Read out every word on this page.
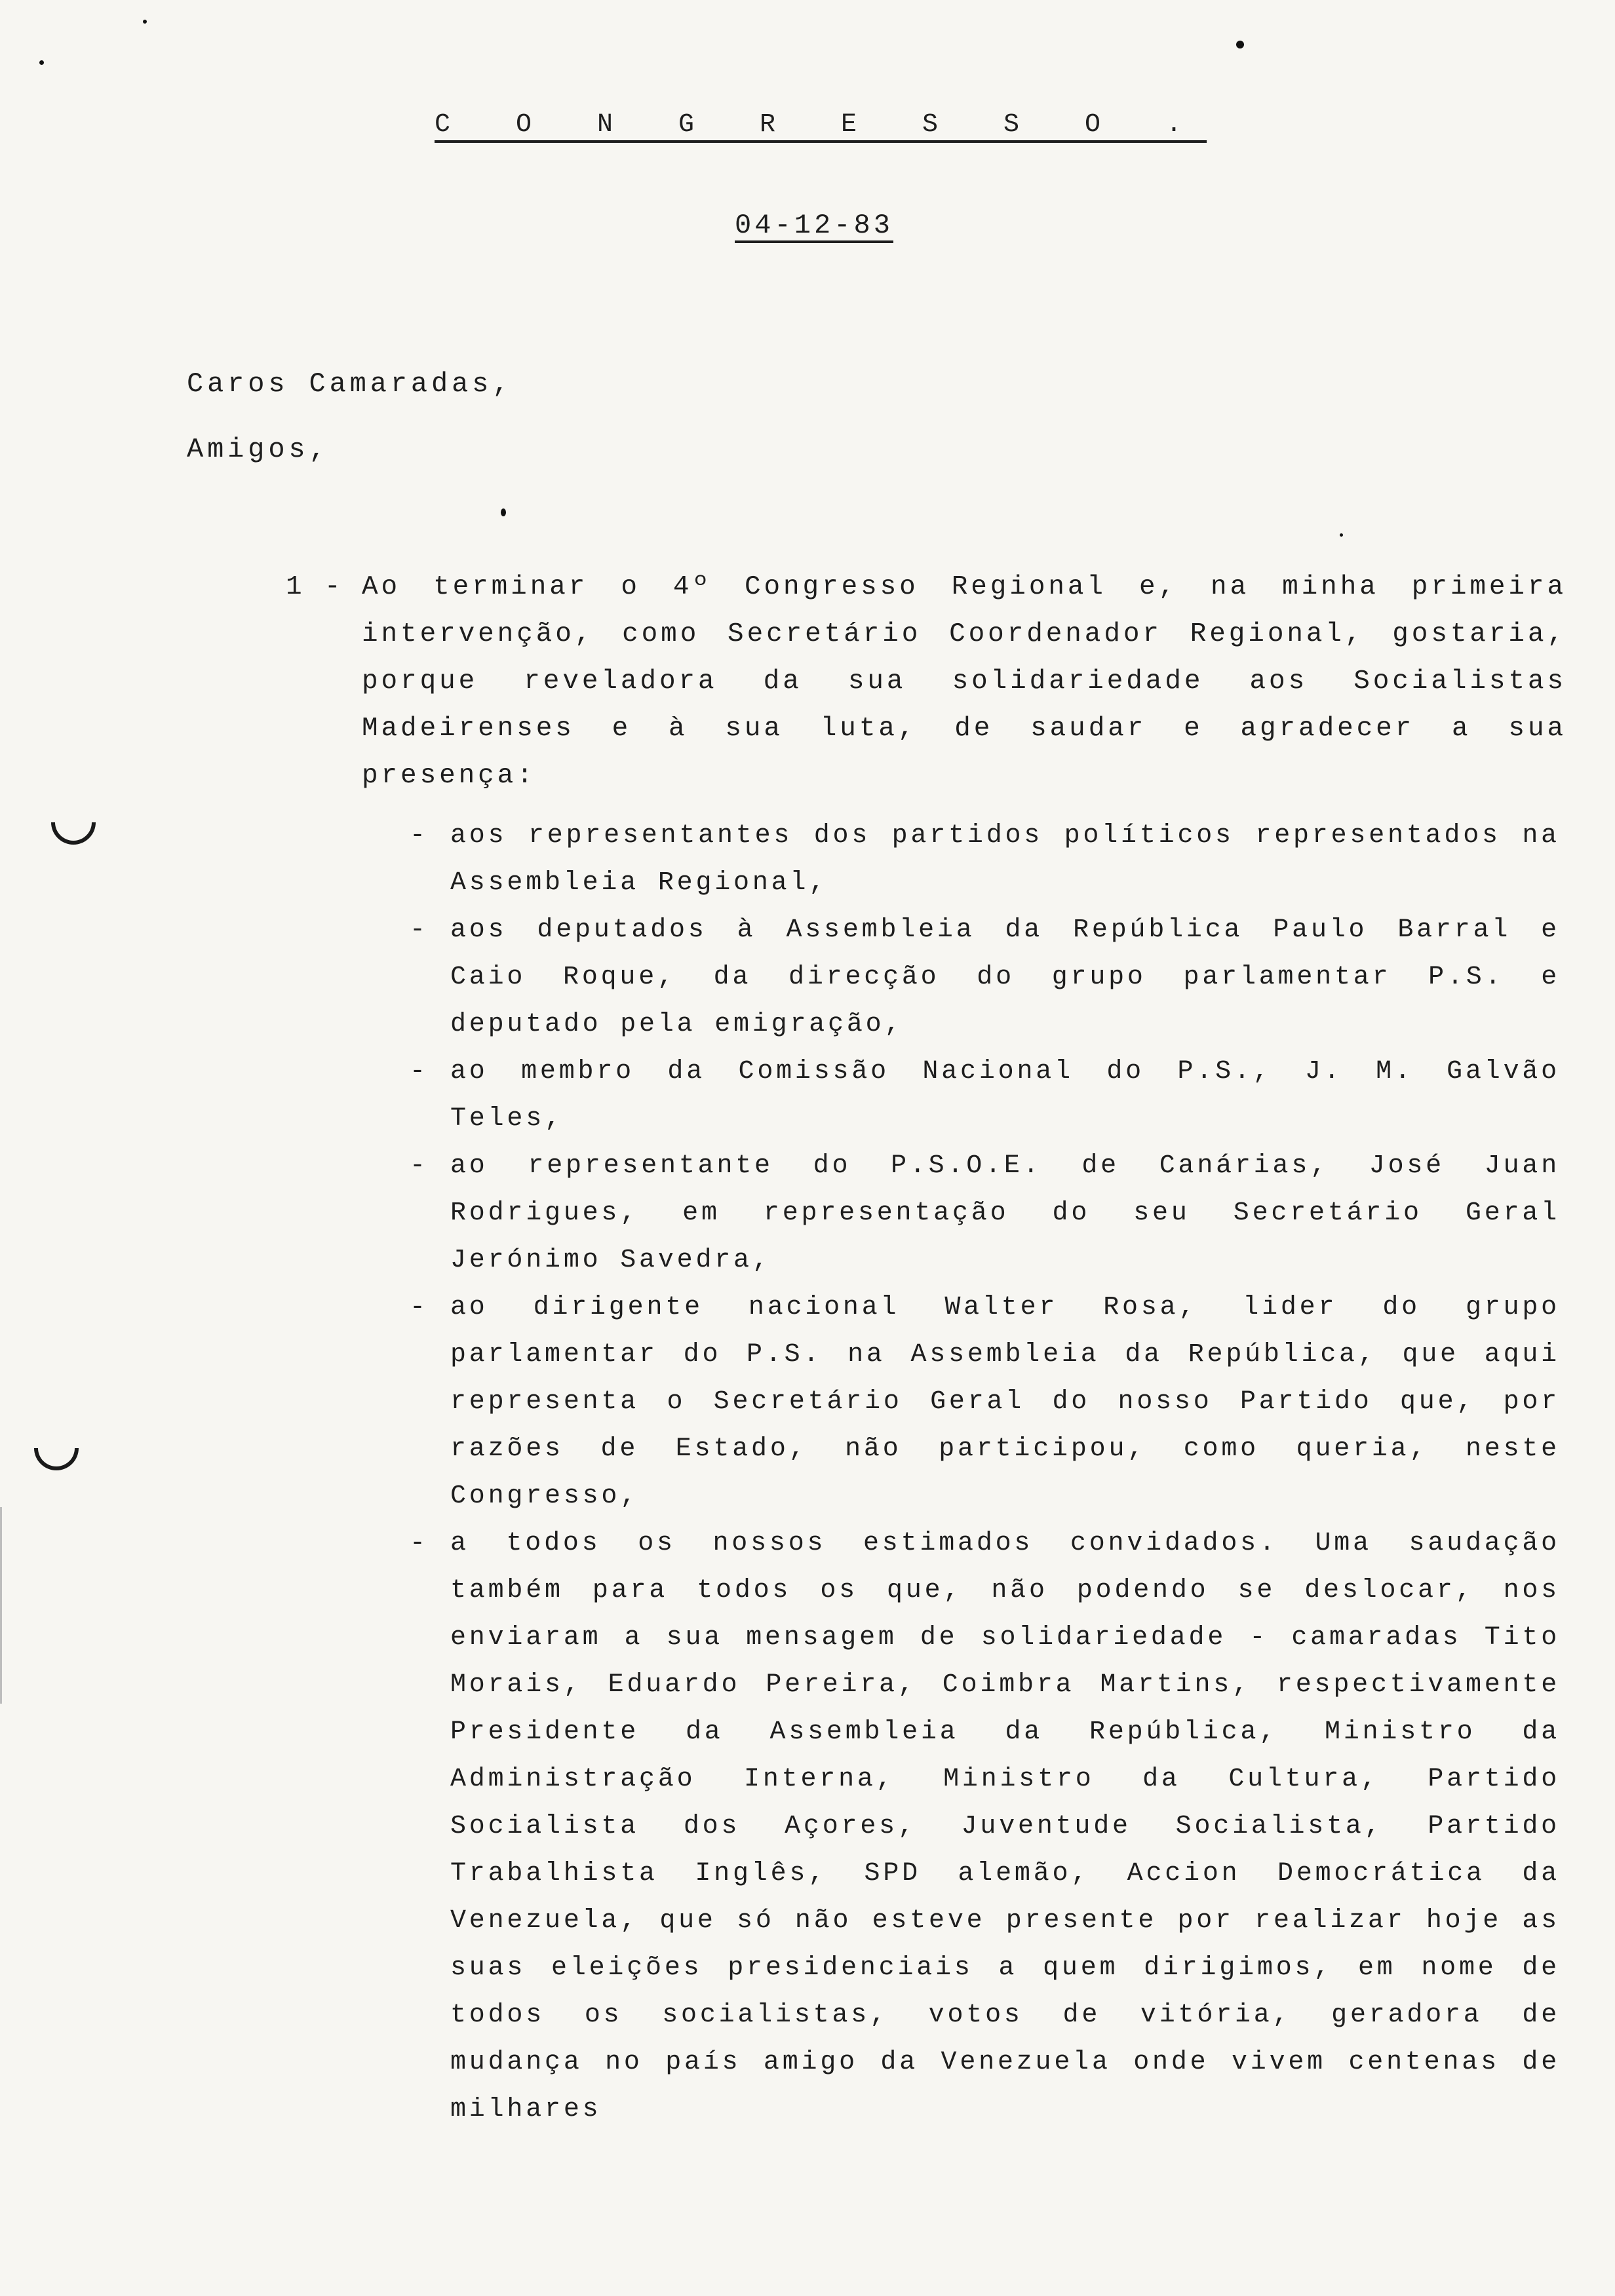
C O N G R E S S O .
04-12-83
Caros Camaradas,
Amigos,
1 - Ao terminar o 4º Congresso Regional e, na minha primeira intervenção, como Secretário Coordenador Regional, gostaria, porque reveladora da sua solidariedade aos Socialistas Madeirenses e à sua luta, de saudar e agradecer a sua presença:
- aos representantes dos partidos políticos representados na Assembleia Regional,
- aos deputados à Assembleia da República Paulo Barral e Caio Roque, da direcção do grupo parlamentar P.S. e deputado pela emigração,
- ao membro da Comissão Nacional do P.S., J. M. Galvão Teles,
- ao representante do P.S.O.E. de Canárias, José Juan Rodrigues, em representação do seu Secretário Geral Jerónimo Savedra,
- ao dirigente nacional Walter Rosa, lider do grupo parlamentar do P.S. na Assembleia da República, que aqui representa o Secretário Geral do nosso Partido que, por razões de Estado, não participou, como queria, neste Congresso,
- a todos os nossos estimados convidados. Uma saudação também para todos os que, não podendo se deslocar, nos enviaram a sua mensagem de solidariedade - camaradas Tito Morais, Eduardo Pereira, Coimbra Martins, respectivamente Presidente da Assembleia da República, Ministro da Administração Interna, Ministro da Cultura, Partido Socialista dos Açores, Juventude Socialista, Partido Trabalhista Inglês, SPD alemão, Accion Democrática da Venezuela, que só não esteve presente por realizar hoje as suas eleições presidenciais a quem dirigimos, em nome de todos os socialistas, votos de vitória, geradora de mudança no país amigo da Venezuela onde vivem centenas de milhares
